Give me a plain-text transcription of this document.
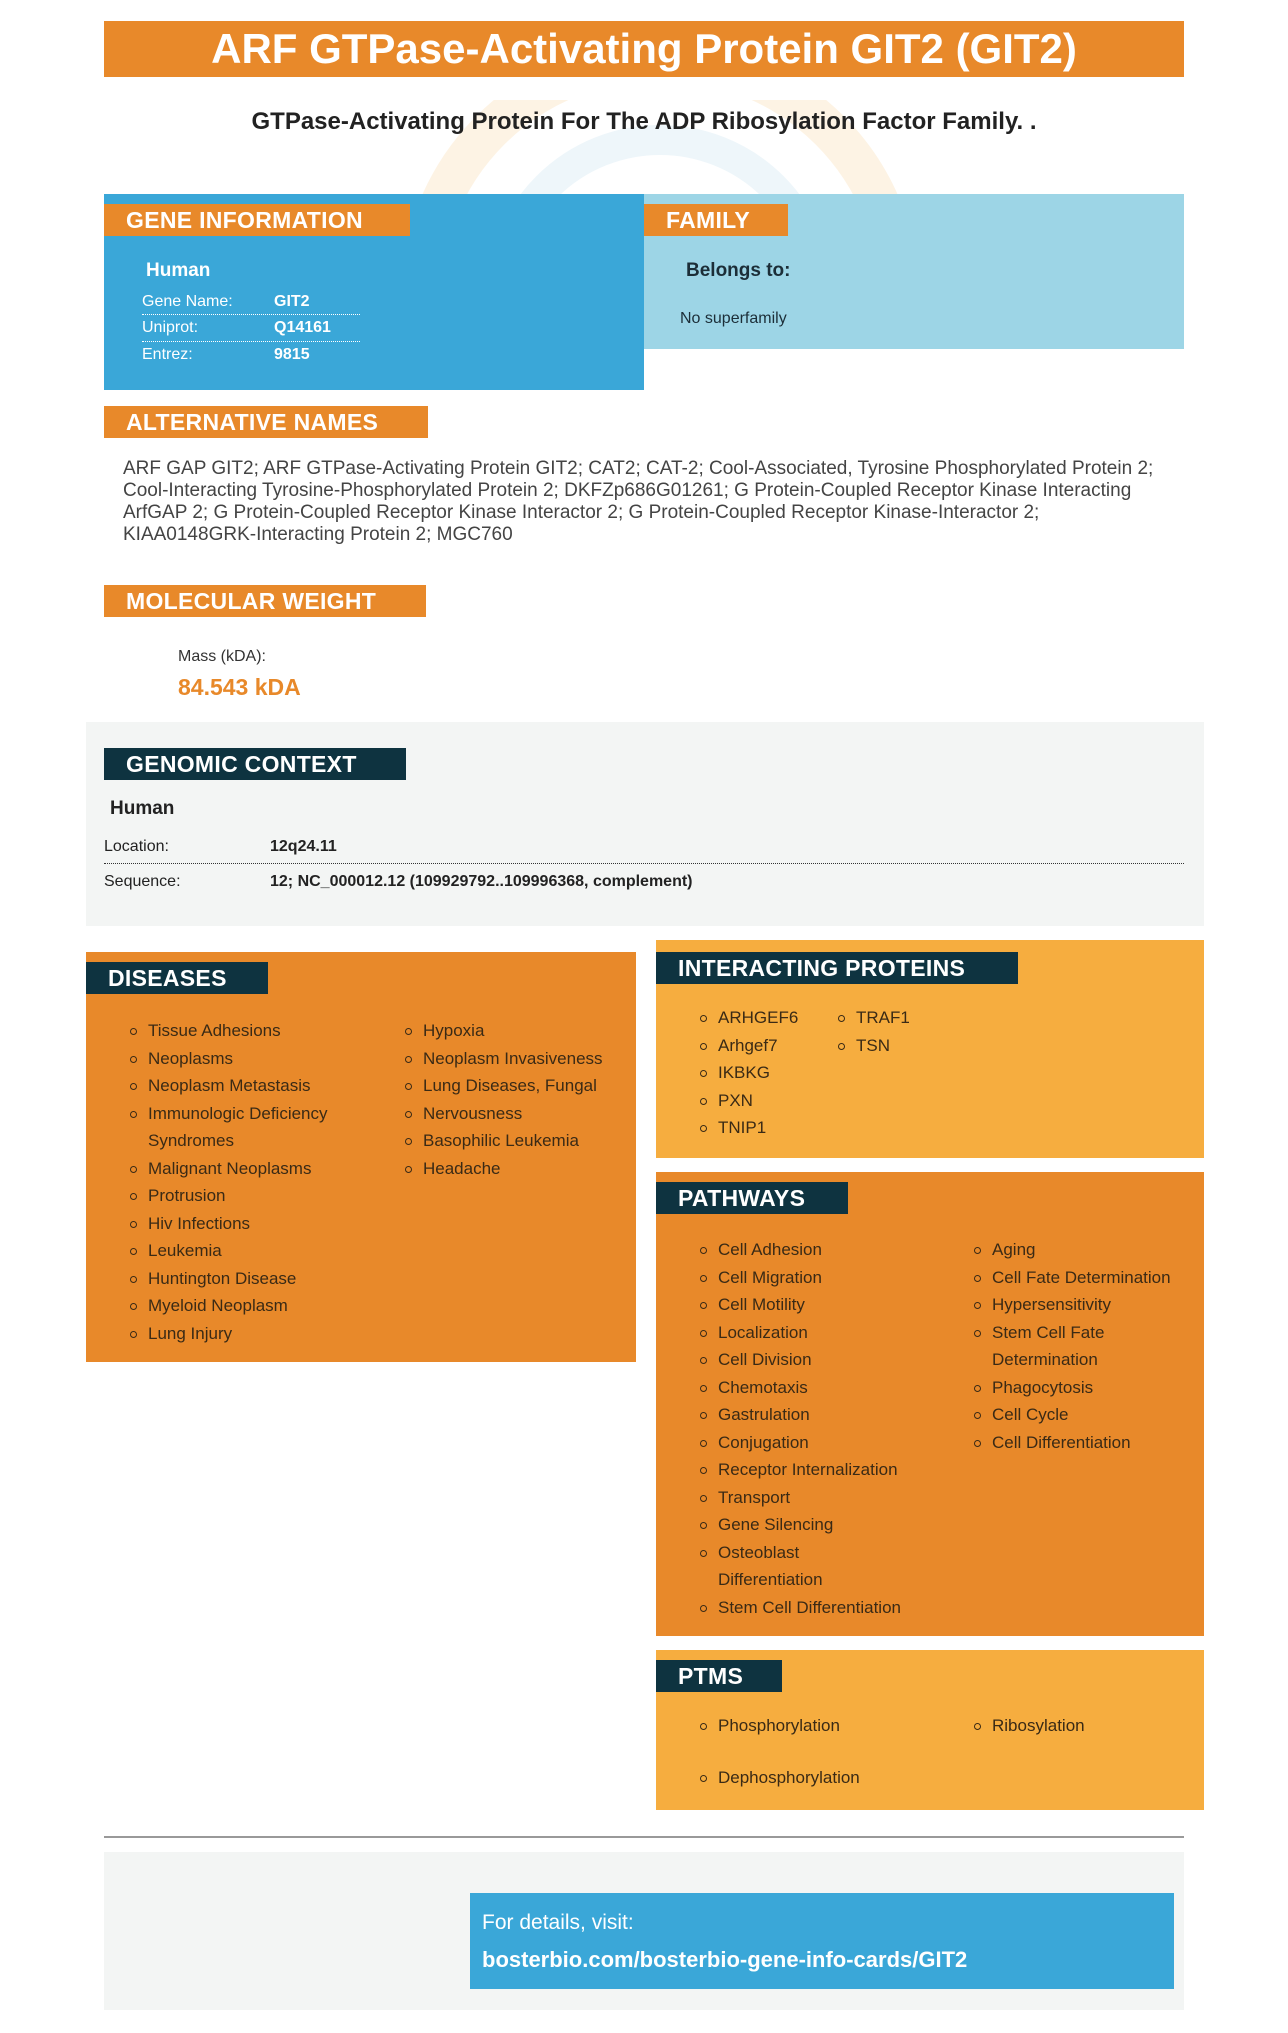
ARF GTPase-Activating Protein GIT2 (GIT2)
GTPase-Activating Protein For The ADP Ribosylation Factor Family. .
GENE INFORMATION
Human
Gene Name:	GIT2
Uniprot:	Q14161
Entrez:	9815
FAMILY
Belongs to:
No superfamily
ALTERNATIVE NAMES
ARF GAP GIT2; ARF GTPase-Activating Protein GIT2; CAT2; CAT-2; Cool-Associated, Tyrosine Phosphorylated Protein 2; Cool-Interacting Tyrosine-Phosphorylated Protein 2; DKFZp686G01261; G Protein-Coupled Receptor Kinase Interacting ArfGAP 2; G Protein-Coupled Receptor Kinase Interactor 2; G Protein-Coupled Receptor Kinase-Interactor 2; KIAA0148GRK-Interacting Protein 2; MGC760
MOLECULAR WEIGHT
Mass (kDA):
84.543 kDA
GENOMIC CONTEXT
Human
Location:	12q24.11
Sequence:	12; NC_000012.12 (109929792..109996368, complement)
DISEASES
Tissue Adhesions
Neoplasms
Neoplasm Metastasis
Immunologic Deficiency
Syndromes
Malignant Neoplasms
Protrusion
Hiv Infections
Leukemia
Huntington Disease
Myeloid Neoplasm
Lung Injury
Hypoxia
Neoplasm Invasiveness
Lung Diseases, Fungal
Nervousness
Basophilic Leukemia
Headache
INTERACTING PROTEINS
ARHGEF6
Arhgef7
IKBKG
PXN
TNIP1
TRAF1
TSN
PATHWAYS
Cell Adhesion
Cell Migration
Cell Motility
Localization
Cell Division
Chemotaxis
Gastrulation
Conjugation
Receptor Internalization
Transport
Gene Silencing
Osteoblast
Differentiation
Stem Cell Differentiation
Aging
Cell Fate Determination
Hypersensitivity
Stem Cell Fate
Determination
Phagocytosis
Cell Cycle
Cell Differentiation
PTMS
Phosphorylation
Dephosphorylation
Ribosylation
For details, visit:
bosterbio.com/bosterbio-gene-info-cards/GIT2
